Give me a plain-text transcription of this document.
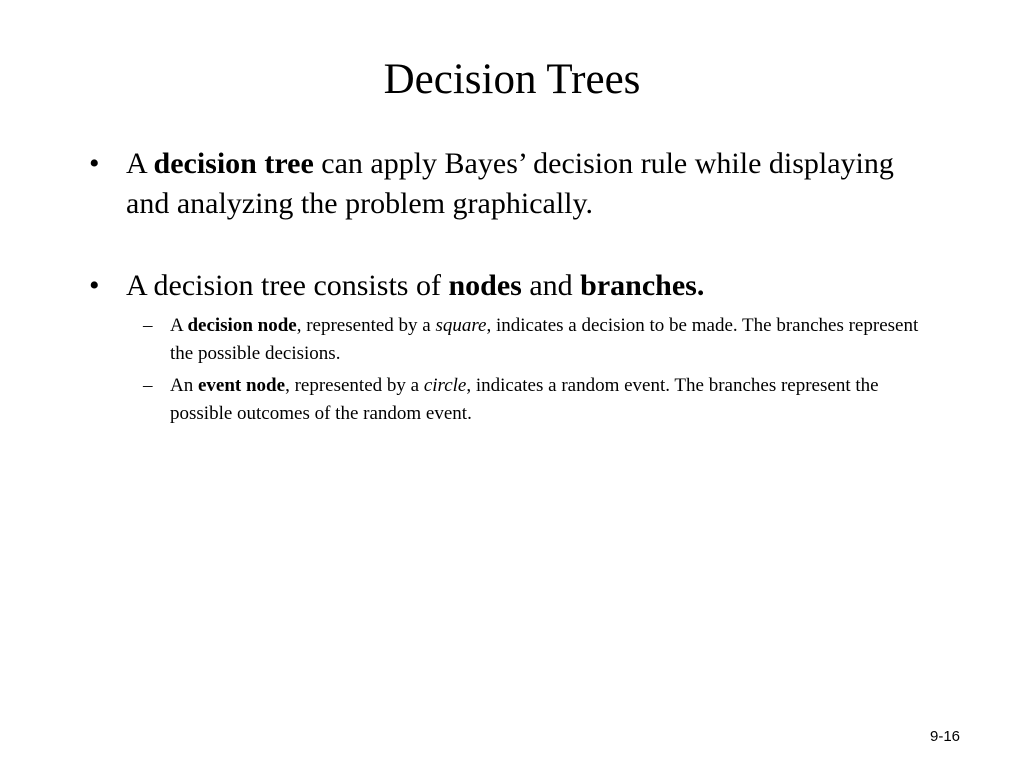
Decision Trees
• A decision tree can apply Bayes’ decision rule while displaying and analyzing the problem graphically.
• A decision tree consists of nodes and branches.
– A decision node, represented by a square, indicates a decision to be made. The branches represent the possible decisions.
– An event node, represented by a circle, indicates a random event. The branches represent the possible outcomes of the random event.
9-16
